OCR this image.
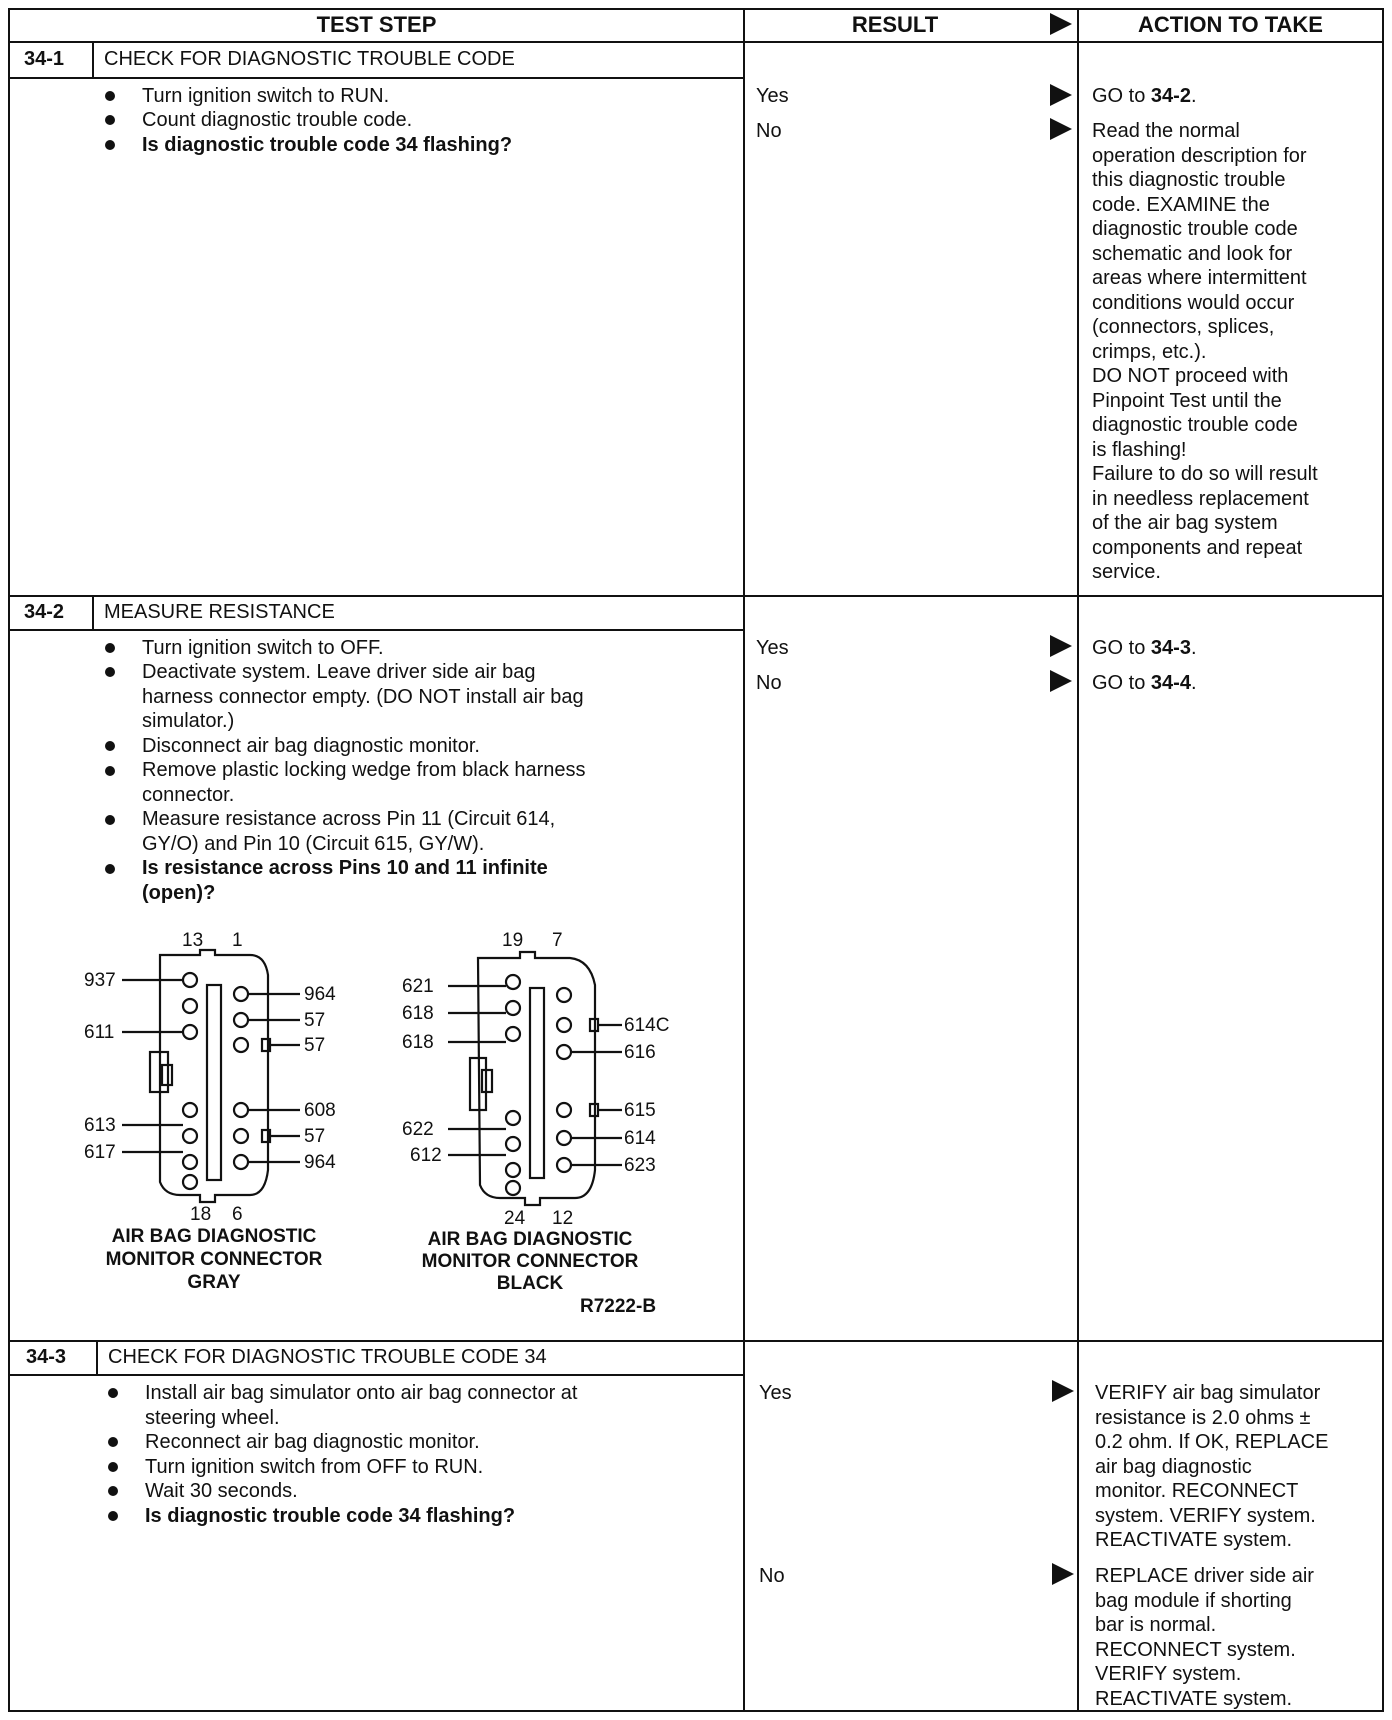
TEST STEP	RESULT	ACTION TO TAKE
34-1 CHECK FOR DIAGNOSTIC TROUBLE CODE
Turn ignition switch to RUN.
Count diagnostic trouble code.
Is diagnostic trouble code 34 flashing?
Yes	GO to 34-2.
No	Read the normal
operation description for
this diagnostic trouble
code. EXAMINE the
diagnostic trouble code
schematic and look for
areas where intermittent
conditions would occur
(connectors, splices,
crimps, etc.).
DO NOT proceed with
Pinpoint Test until the
diagnostic trouble code
is flashing!
Failure to do so will result
in needless replacement
of the air bag system
components and repeat
service.
34-2 MEASURE RESISTANCE
Turn ignition switch to OFF.
Deactivate system. Leave driver side air bag
harness connector empty. (DO NOT install air bag
simulator.)
Disconnect air bag diagnostic monitor.
Remove plastic locking wedge from black harness
connector.
Measure resistance across Pin 11 (Circuit 614,
GY/O) and Pin 10 (Circuit 615, GY/W).
Is resistance across Pins 10 and 11 infinite
(open)?
Yes	GO to 34-3.
No	GO to 34-4.
13 1
937
611
613
617
964
57
57
608
57
964
18 6
AIR BAG DIAGNOSTIC
MONITOR CONNECTOR
GRAY
19 7
621
618
618
622
612
614C
616
615
614
623
24 12
AIR BAG DIAGNOSTIC
MONITOR CONNECTOR
BLACK
R7222-B
34-3 CHECK FOR DIAGNOSTIC TROUBLE CODE 34
Install air bag simulator onto air bag connector at
steering wheel.
Reconnect air bag diagnostic monitor.
Turn ignition switch from OFF to RUN.
Wait 30 seconds.
Is diagnostic trouble code 34 flashing?
Yes	VERIFY air bag simulator
resistance is 2.0 ohms ±
0.2 ohm. If OK, REPLACE
air bag diagnostic
monitor. RECONNECT
system. VERIFY system.
REACTIVATE system.
No	REPLACE driver side air
bag module if shorting
bar is normal.
RECONNECT system.
VERIFY system.
REACTIVATE system.
